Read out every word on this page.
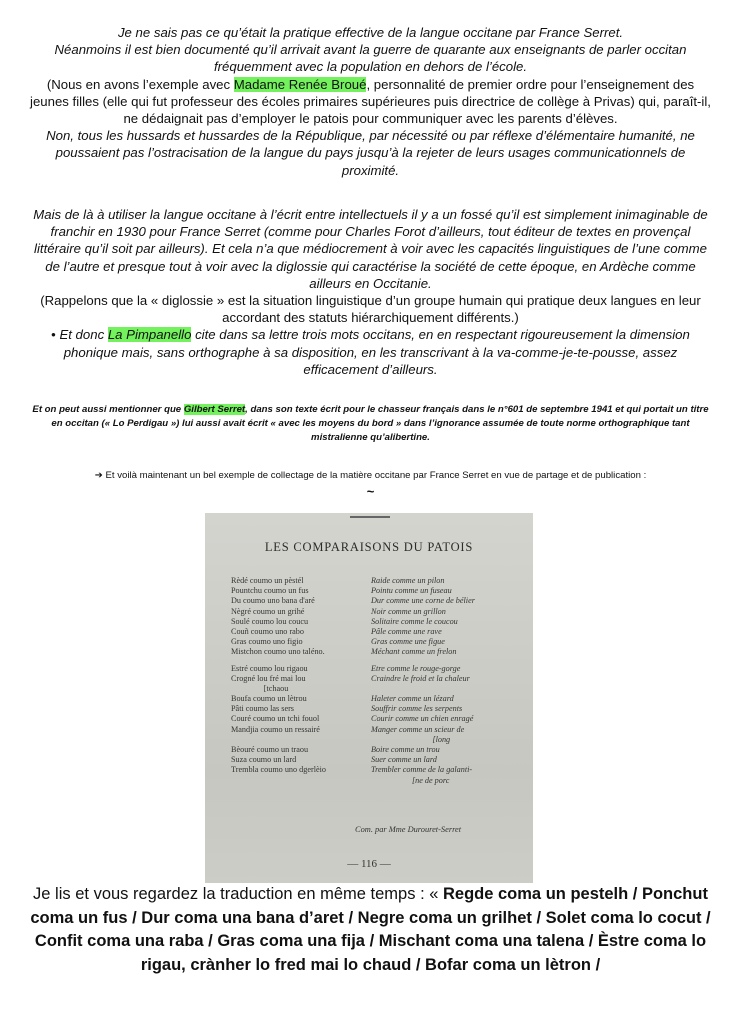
Je ne sais pas ce qu’était la pratique effective de la langue occitane par France Serret.
Néanmoins il est bien documenté qu’il arrivait avant la guerre de quarante aux enseignants de parler occitan fréquemment avec la population en dehors de l’école.
(Nous en avons l’exemple avec Madame Renée Broué, personnalité de premier ordre pour l’enseignement des jeunes filles (elle qui fut professeur des écoles primaires supérieures puis directrice de collège à Privas) qui, paraît-il, ne dédaignait pas d’employer le patois pour communiquer avec les parents d’élèves.
Non, tous les hussards et hussardes de la République, par nécessité ou par réflexe d’élémentaire humanité, ne poussaient pas l’ostracisation de la langue du pays jusqu’à la rejeter de leurs usages communicationnels de proximité.
Mais de là à utiliser la langue occitane à l’écrit entre intellectuels il y a un fossé qu’il est simplement inimaginable de franchir en 1930 pour France Serret (comme pour Charles Forot d’ailleurs, tout éditeur de textes en provençal littéraire qu’il soit par ailleurs). Et cela n’a que médiocrement à voir avec les capacités linguistiques de l’une comme de l’autre et presque tout à voir avec la diglossie qui caractérise la société de cette époque, en Ardèche comme ailleurs en Occitanie.
(Rappelons que la « diglossie » est la situation linguistique d’un groupe humain qui pratique deux langues en leur accordant des statuts hiérarchiquement différents.)
• Et donc La Pimpanello cite dans sa lettre trois mots occitans, en en respectant rigoureusement la dimension phonique mais, sans orthographe à sa disposition, en les transcrivant à la va-comme-je-te-pousse, assez efficacement d’ailleurs.
Et on peut aussi mentionner que Gilbert Serret, dans son texte écrit pour le chasseur français dans le n°601 de septembre 1941 et qui portait un titre en occitan (« Lo Perdigau ») lui aussi avait écrit « avec les moyens du bord » dans l’ignorance assumée de toute norme orthographique tant mistralienne qu’alibertine.
➔ Et voilà maintenant un bel exemple de collectage de la matière occitane par France Serret en vue de partage et de publication :
~
LES COMPARAISONS DU PATOIS
Rèdé coumo un pèstél	Raide comme un pilon
Pountchu coumo un fus	Pointu comme un fuseau
Du coumo uno bana d'aré	Dur comme une corne de bélier
Nègré coumo un grihé	Noir comme un grillon
Soulé coumo lou coucu	Solitaire comme le coucou
Couñ coumo uno rabo	Pâle comme une rave
Gras coumo uno figio	Gras comme une figue
Mistchon coumo uno taléno.	Méchant comme un frelon
Estré coumo lou rigaou	Etre comme le rouge-gorge
Crogné lou fré mai lou	Craindre le froid et la chaleur
[tchaou
Boufa coumo un lètrou	Haleter comme un lézard
Pâti coumo las sers	Souffrir comme les serpents
Couré coumo un tchi fouol	Courir comme un chien enragé
Mandjia coumo un ressairé	Manger comme un scieur de
[long
Bèouré coumo un traou	Boire comme un trou
Suza coumo un lard	Suer comme un lard
Trembla coumo uno dgerlèio	Trembler comme de la galanti-
[ne de porc
Com. par Mme Durouret-Serret
— 116 —
Je lis et vous regardez la traduction en même temps : « Regde coma un pestelh / Ponchut coma un fus / Dur coma una bana d’aret / Negre coma un grilhet / Solet coma lo cocut / Confit coma una raba / Gras coma una fija / Mischant coma una talena / Èstre coma lo rigau, crànher lo fred mai lo chaud / Bofar coma un lètron /
